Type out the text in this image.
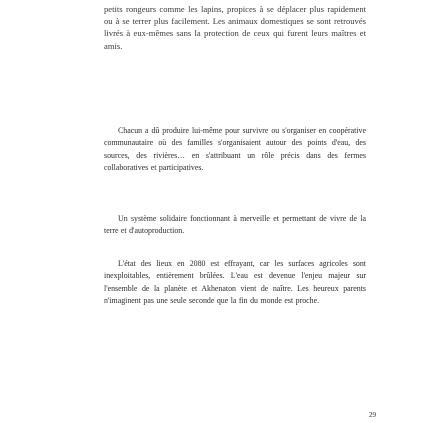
petits rongeurs comme les lapins, propices à se déplacer plus rapidement ou à se terrer plus facilement. Les animaux domestiques se sont retrouvés livrés à eux-mêmes sans la protection de ceux qui furent leurs maîtres et amis.

Chacun a dû produire lui-même pour survivre ou s'organiser en coopérative communautaire où des familles s'organisaient autour des points d'eau, des sources, des rivières… en s'attribuant un rôle précis dans des fermes collaboratives et participatives.

Un système solidaire fonctionnant à merveille et permettant de vivre de la terre et d'autoproduction.

L'état des lieux en 2080 est effrayant, car les surfaces agricoles sont inexploitables, entièrement brûlées. L'eau est devenue l'enjeu majeur sur l'ensemble de la planète et Akhenaton vient de naître. Les heureux parents n'imaginent pas une seule seconde que la fin du monde est proche.

29
